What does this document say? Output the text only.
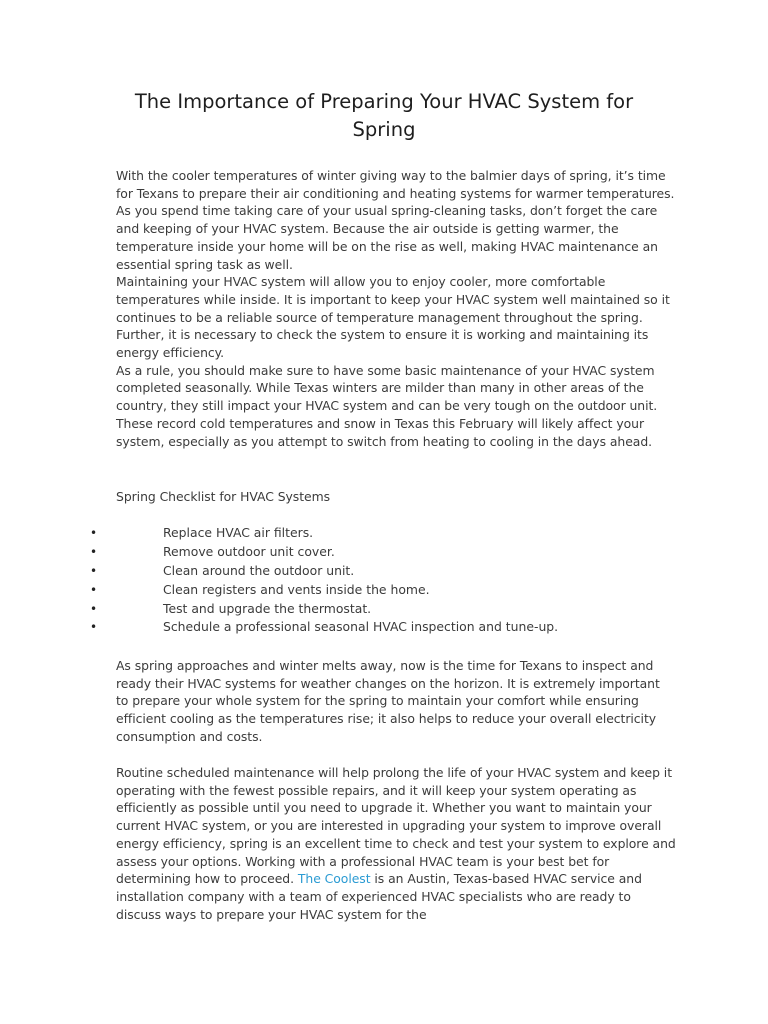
The Importance of Preparing Your HVAC System for Spring
With the cooler temperatures of winter giving way to the balmier days of spring, it’s time for Texans to prepare their air conditioning and heating systems for warmer temperatures. As you spend time taking care of your usual spring-cleaning tasks, don’t forget the care and keeping of your HVAC system. Because the air outside is getting warmer, the temperature inside your home will be on the rise as well, making HVAC maintenance an essential spring task as well.
Maintaining your HVAC system will allow you to enjoy cooler, more comfortable temperatures while inside. It is important to keep your HVAC system well maintained so it continues to be a reliable source of temperature management throughout the spring. Further, it is necessary to check the system to ensure it is working and maintaining its energy efficiency.
As a rule, you should make sure to have some basic maintenance of your HVAC system completed seasonally. While Texas winters are milder than many in other areas of the country, they still impact your HVAC system and can be very tough on the outdoor unit. These record cold temperatures and snow in Texas this February will likely affect your system, especially as you attempt to switch from heating to cooling in the days ahead.

Spring Checklist for HVAC Systems

•	Replace HVAC air filters.
•	Remove outdoor unit cover.
•	Clean around the outdoor unit.
•	Clean registers and vents inside the home.
•	Test and upgrade the thermostat.
•	Schedule a professional seasonal HVAC inspection and tune-up.

As spring approaches and winter melts away, now is the time for Texans to inspect and ready their HVAC systems for weather changes on the horizon. It is extremely important to prepare your whole system for the spring to maintain your comfort while ensuring efficient cooling as the temperatures rise; it also helps to reduce your overall electricity consumption and costs.

Routine scheduled maintenance will help prolong the life of your HVAC system and keep it operating with the fewest possible repairs, and it will keep your system operating as efficiently as possible until you need to upgrade it. Whether you want to maintain your current HVAC system, or you are interested in upgrading your system to improve overall energy efficiency, spring is an excellent time to check and test your system to explore and assess your options. Working with a professional HVAC team is your best bet for determining how to proceed. The Coolest is an Austin, Texas-based HVAC service and installation company with a team of experienced HVAC specialists who are ready to discuss ways to prepare your HVAC system for the
